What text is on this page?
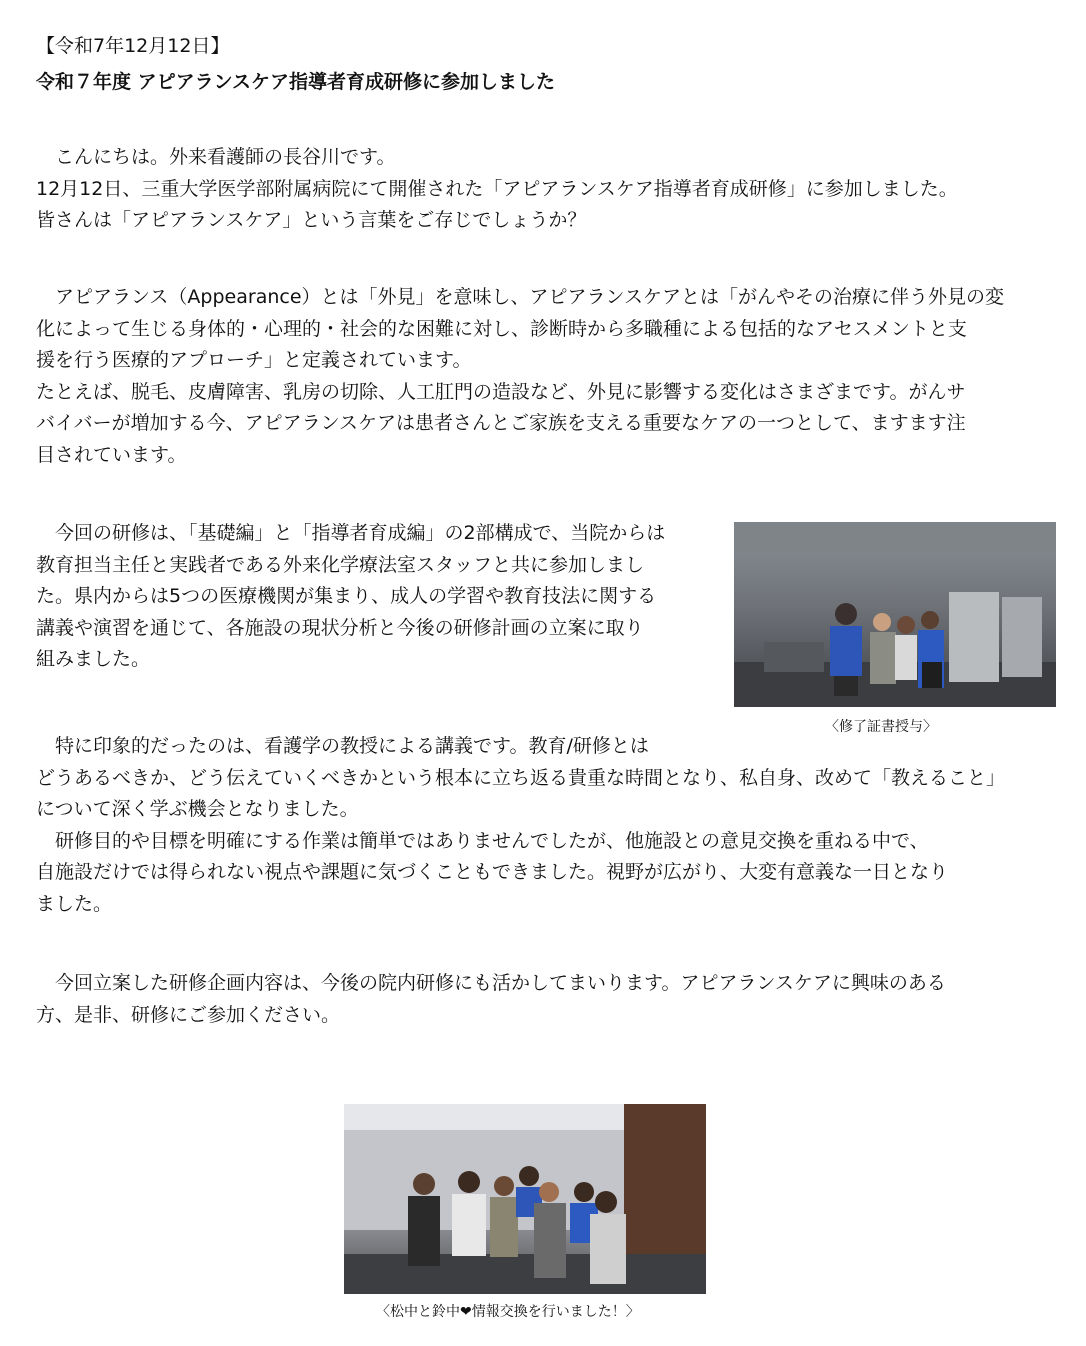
【令和7年12月12日】
令和７年度 アピアランスケア指導者育成研修に参加しました

　こんにちは。外来看護師の長谷川です。
12月12日、三重大学医学部附属病院にて開催された「アピアランスケア指導者育成研修」に参加しました。
皆さんは「アピアランスケア」という言葉をご存じでしょうか？

　アピアランス（Appearance）とは「外見」を意味し、アピアランスケアとは「がんやその治療に伴う外見の変
化によって生じる身体的・心理的・社会的な困難に対し、診断時から多職種による包括的なアセスメントと支
援を行う医療的アプローチ」と定義されています。
たとえば、脱毛、皮膚障害、乳房の切除、人工肛門の造設など、外見に影響する変化はさまざまです。がんサ
バイバーが増加する今、アピアランスケアは患者さんとご家族を支える重要なケアの一つとして、ますます注
目されています。

　今回の研修は、「基礎編」と「指導者育成編」の2部構成で、当院からは
教育担当主任と実践者である外来化学療法室スタッフと共に参加しまし
た。県内からは5つの医療機関が集まり、成人の学習や教育技法に関する
講義や演習を通じて、各施設の現状分析と今後の研修計画の立案に取り
組みました。

　特に印象的だったのは、看護学の教授による講義です。教育/研修とは
どうあるべきか、どう伝えていくべきかという根本に立ち返る貴重な時間となり、私自身、改めて「教えること」
について深く学ぶ機会となりました。
　研修目的や目標を明確にする作業は簡単ではありませんでしたが、他施設との意見交換を重ねる中で、
自施設だけでは得られない視点や課題に気づくこともできました。視野が広がり、大変有意義な一日となり
ました。

　今回立案した研修企画内容は、今後の院内研修にも活かしてまいります。アピアランスケアに興味のある
方、是非、研修にご参加ください。

〈修了証書授与〉
〈松中と鈴中❤情報交換を行いました！〉
